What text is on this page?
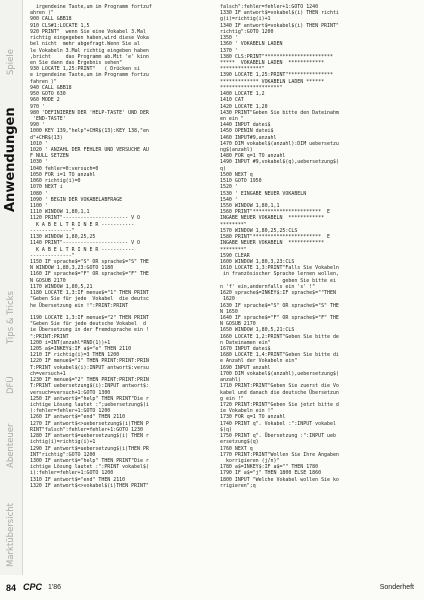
Marktübersicht
Abenteuer
DFÜ
Tips & Tricks
Anwendungen
Spiele
irgendeine Taste,um im Programm fortzuf
ahren )"
900 CALL &BB18
910 CLS#1:LOCATE 1,5
920 PRINT"  wenn Sie eine Vokabel 3.Mal
richtig eingegeben haben,wird diese Voka
bel nicht  mehr abgefragt.Wenn Sie al
le Vokabeln 3.Mal richtig eingeben haben
,bricht     das Programm ab.Mit 'e' kinn
en Sie dann das Ergebnis sehen"
930 LOCATE 1,25:PRINT"   ( Drücken si
e irgendeine Taste,um im Programm fortzu
fahren )"
940 CALL &BB18
950 GOTO 630
960 MODE 2
970 '
980 'DEFINIEREN DER 'HELP-TASTE' UND DER
'END-TASTE'
990 '
1000 KEY 139,"help"+CHR$(13):KEY 138,"en
d"+CHR$(13)
1010 '
1020 ' ANZAHL DER FEHLER UND VERSUCHE AU
F NULL SETZEN
1030 '
1040 fehler=0:versuch=0
1050 FOR i=1 TO anzahl
1060 richtig(i)=0
1070 NEXT i
1080 '
1090 ' BEGIN DER VOKABELABFRAGE
1100 '
1110 WINDOW 1,80,1,1
1120 PRINT"---------------------- V O
K A B E L T R I N E R -----------
--------------"
1130 WINDOW 1,80,25,25
1140 PRINT"---------------------- V O
K A B E L T R I N E R -----------
--------------"
1150 IF sprache$="S" OR sprache$="S" THE
N WINDOW 1,80,3,23:GOTO 1180
1160 IF sprache$="F" OR sprache$="F" THE
N GOSUB 2170
1170 WINDOW 1,80,5,21
1180 LOCATE 1,3:IF menue$="1" THEN PRINT
"Geben Sie für jede  Vokabel  die deutsc
he Übersetzung ein !":PRINT:PRINT
1190 LOCATE 1,3:IF menue$="2" THEN PRINT
"Geben Sie für jede deutsche Vokabel  d
ie Übersetzung in der Fremdsprache ein !
":PRINT:PRINT
1200 i=INT(anzahl*RND(1))+1
1205 a$=INKEY$:IF a$="e" THEN 2110
1210 IF richtig(i)=3 THEN 1200
1220 IF menue$="1" THEN PRINT:PRINT:PRIN
T:PRINT vokabel$(i):INPUT antwort$:versu
ch=versuch+1
1230 IF menue$="2" THEN PRINT:PRINT:PRIN
T:PRINT uebersetzung$(i):INPUT antwort$:
versuch=versuch+1:GOTO 1300
1250 IF antwort$="help" THEN PRINT"Die r
ichtige Lösung lautet :";uebersetzung$(i
):fehler=fehler+1:GOTO 1200
1260 IF antwort$="end" THEN 2110
1270 IF antwort$<>uebersetzung$(i)THEN P
RINT"falsch":fehler=fehler+1:GOTO 1230
1280 IF antwort$=uebersetzung$(i) THEN r
ichtig(i)=richtig(i)+1
1290 IF antwort$=uebersetzung$(i)THEN PR
INT"richtig":GOTO 1200
1300 IF antwort$="help" THEN PRINT"Die r
ichtige Lösung lautet :":PRINT vokabel$(
i):fehler=fehler+1:GOTO 1200
1310 IF antwort$="end" THEN 2110
1320 IF antwort$<>vokabel$(i)THEN PRINT"
falsch":fehler=fehler+1:GOTO 1240
1330 IF antwort$=vokabel$(i) THEN richti
g(i)=richtig(i)+1
1340 IF antwort$=vokabel$(i) THEN PRINT"
richtig":GOTO 1200
1350 '
1360 ' VOKABELN LADEN
1370 '
1380 CLS:PRINT"***********************
*****  VOKABELN LADEN  ************
**************"
1390 LOCATE 1,25:PRINT"***************
************* VOKABELN LADEN ******
********************"
1400 LOCATE 1,2
1410 CAT
1420 LOCATE 1,20
1430 PRINT"Geben Sie bitte den Dateinahm
en ein "
1440 INPUT datei$
1450 OPENIN datei$
1460 INPUT#9,anzahl
1470 DIM vokabel$(anzahl):DIM uebersetzu
ng$(anzahl)
1480 FOR q=1 TO anzahl
1490 INPUT #9,vokabel$(q),uebersetzung$(
q)
1500 NEXT q
1510 GOTO 1950
1520 '
1530 ' EINGABE NEUER VOKABELN
1540 '
1550 WINDOW 1,80,1,1
1560 PRINT"***********************  E
INGABE NEUER VOKABELN  ************
********"
1570 WINDOW 1,80,25,25:CLS
1580 PRINT"***********************  E
INGABE NEUER VOKABELN  ************
********"
1590 CLEAR
1600 WINDOW 1,80,3,23:CLS
1610 LOCATE 1,3:PRINT"Falls Sie Vokabeln
in französischer Sprache lernen wollen,
geben Sie bitte ei
n 'f' ein,andernfalls ein 's' !"
1620 sprache$=INKEY$:IF sprache$=""THEN
1620
1630 IF sprache$="S" OR sprache$="S" THE
N 1650
1640 IF sprache$="F" OR sprache$="F" THE
N GOSUB 2170
1650 WINDOW 1,80,5,21:CLS
1660 LOCATE 1,2:PRINT"Geben Sie bitte de
n Dateinamen ein"
1670 INPUT datei$
1680 LOCATE 1,4:PRINT"Geben Sie bitte di
e Anzahl der Vokabeln ein"
1690 INPUT anzahl
1700 DIM vokabel$(anzahl),uebersetzung$(
anzahl)
1710 PRINT:PRINT"Geben Sie zuerst die Vo
kabel und danach die deutsche Übersetzun
g ein !"
1720 PRINT:PRINT"Geben Sie jetzt bitte d
ie Vokabeln ein !"
1730 FOR q=1 TO anzahl
1740 PRINT q". Vokabel :":INPUT vokabel
$(q)
1750 PRINT q". Übersetzung :":INPUT ueb
ersetzung$(q)
1760 NEXT q
1770 PRINT:PRINT"Wollen Sie Ihre Angaben
korrigieren (j/n)"
1780 a$=INKEY$:IF a$="" THEN 1780
1790 IF a$="j" THEN 1800 ELSE 1860
1800 INPUT "Welche Vokabel wollen Sie ko
rrigieren";q
84 CPC 1'86	Sonderheft
